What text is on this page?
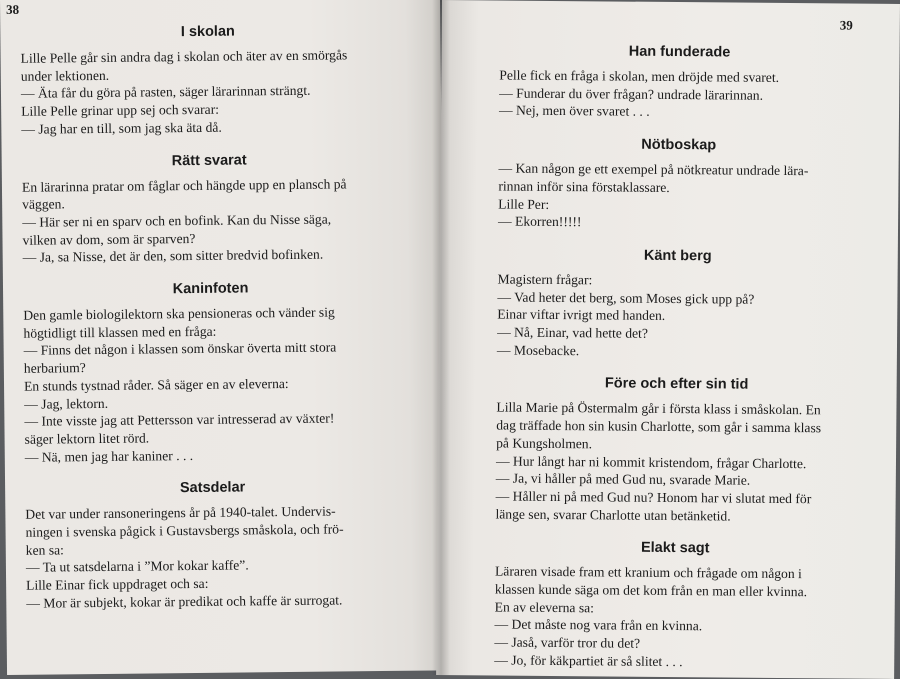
38
I skolan

Lille Pelle går sin andra dag i skolan och äter av en smörgås

under lektionen.

— Äta får du göra på rasten, säger lärarinnan strängt.

Lille Pelle grinar upp sej och svarar:

— Jag har en till, som jag ska äta då.

Rätt svarat

En lärarinna pratar om fåglar och hängde upp en plansch på

väggen.

— Här ser ni en sparv och en bofink. Kan du Nisse säga,

vilken av dom, som är sparven?

— Ja, sa Nisse, det är den, som sitter bredvid bofinken.

Kaninfoten

Den gamle biologilektorn ska pensioneras och vänder sig

högtidligt till klassen med en fråga:

— Finns det någon i klassen som önskar överta mitt stora

herbarium?

En stunds tystnad råder. Så säger en av eleverna:

— Jag, lektorn.

— Inte visste jag att Pettersson var intresserad av växter!

säger lektorn litet rörd.

— Nä, men jag har kaniner . . .

Satsdelar

Det var under ransoneringens år på 1940-talet. Undervis-

ningen i svenska pågick i Gustavsbergs småskola, och frö-

ken sa:

— Ta ut satsdelarna i ”Mor kokar kaffe”.

Lille Einar fick uppdraget och sa:

— Mor är subjekt, kokar är predikat och kaffe är surrogat.

39
Han funderade

Pelle fick en fråga i skolan, men dröjde med svaret.

— Funderar du över frågan? undrade lärarinnan.

— Nej, men över svaret . . .

Nötboskap

— Kan någon ge ett exempel på nötkreatur undrade lära-

rinnan inför sina förstaklassare.

Lille Per:

— Ekorren!!!!!

Känt berg

Magistern frågar:

— Vad heter det berg, som Moses gick upp på?

Einar viftar ivrigt med handen.

— Nå, Einar, vad hette det?

— Mosebacke.

Före och efter sin tid

Lilla Marie på Östermalm går i första klass i småskolan. En

dag träffade hon sin kusin Charlotte, som går i samma klass

på Kungsholmen.

— Hur långt har ni kommit kristendom, frågar Charlotte.

— Ja, vi håller på med Gud nu, svarade Marie.

— Håller ni på med Gud nu? Honom har vi slutat med för

länge sen, svarar Charlotte utan betänketid.

Elakt sagt

Läraren visade fram ett kranium och frågade om någon i

klassen kunde säga om det kom från en man eller kvinna.

En av eleverna sa:

— Det måste nog vara från en kvinna.

— Jaså, varför tror du det?

— Jo, för käkpartiet är så slitet . . .
